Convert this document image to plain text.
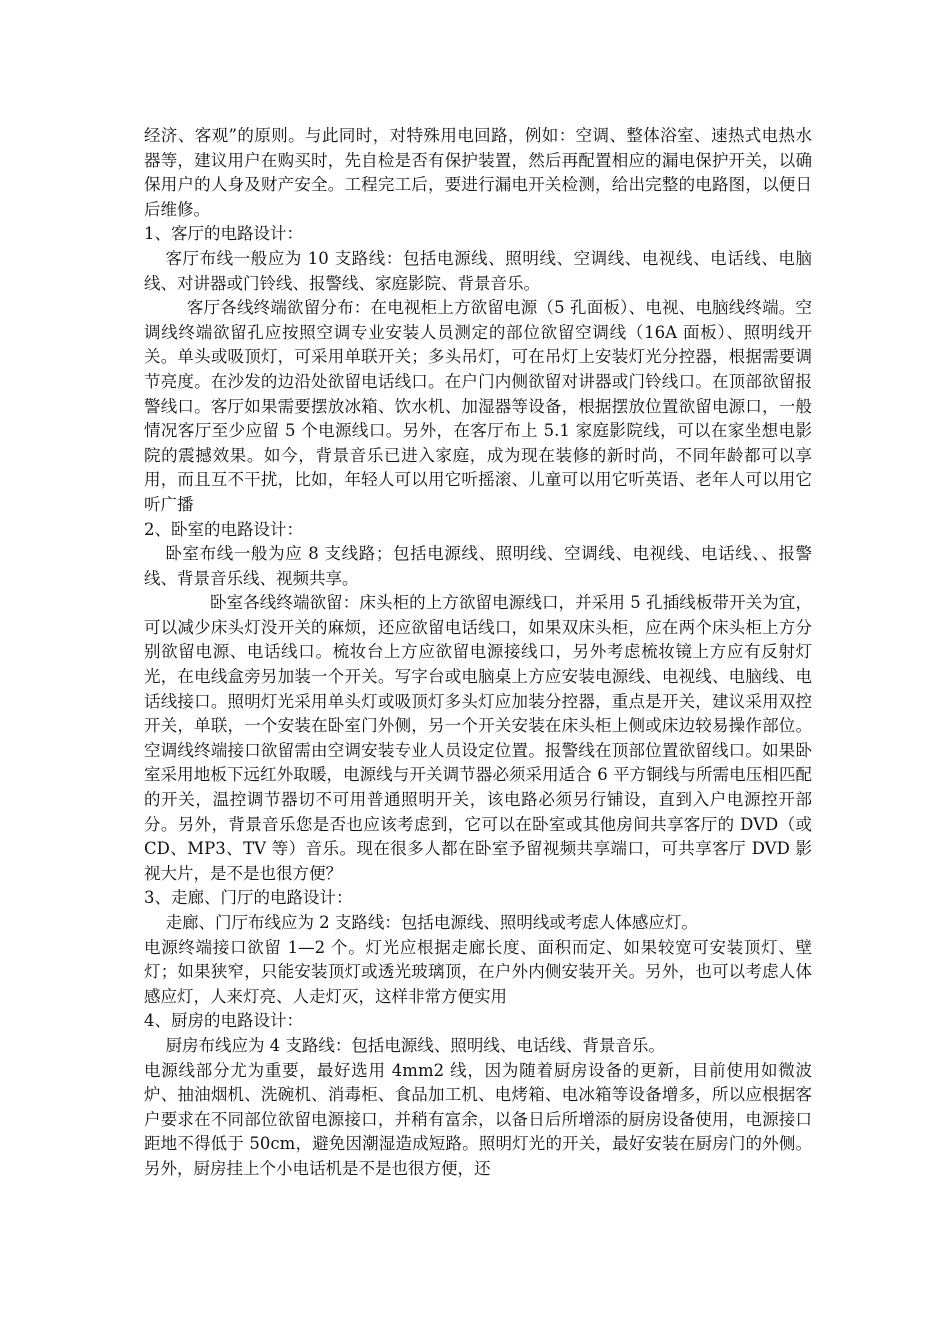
经济、客观”的原则。与此同时，对特殊用电回路，例如：空调、整体浴室、速热式电热水器等，建议用户在购买时，先自检是否有保护装置，然后再配置相应的漏电保护开关，以确保用户的人身及财产安全。工程完工后，要进行漏电开关检测，给出完整的电路图，以便日后维修。

1、客厅的电路设计：

客厅布线一般应为 10 支路线：包括电源线、照明线、空调线、电视线、电话线、电脑线、对讲器或门铃线、报警线、家庭影院、背景音乐。

客厅各线终端欲留分布：在电视柜上方欲留电源（5 孔面板）、电视、电脑线终端。空调线终端欲留孔应按照空调专业安装人员测定的部位欲留空调线（16A 面板）、照明线开关。单头或吸顶灯，可采用单联开关；多头吊灯，可在吊灯上安装灯光分控器，根据需要调节亮度。在沙发的边沿处欲留电话线口。在户门内侧欲留对讲器或门铃线口。在顶部欲留报警线口。客厅如果需要摆放冰箱、饮水机、加湿器等设备，根据摆放位置欲留电源口，一般情况客厅至少应留 5 个电源线口。另外，在客厅布上 5.1 家庭影院线，可以在家坐想电影院的震撼效果。如今，背景音乐已进入家庭，成为现在装修的新时尚，不同年龄都可以享用，而且互不干扰，比如，年轻人可以用它听摇滚、儿童可以用它听英语、老年人可以用它听广播

2、卧室的电路设计：

卧室布线一般为应 8 支线路；包括电源线、照明线、空调线、电视线、电话线、、报警线、背景音乐线、视频共享。

卧室各线终端欲留：床头柜的上方欲留电源线口，并采用 5 孔插线板带开关为宜，可以减少床头灯没开关的麻烦，还应欲留电话线口，如果双床头柜，应在两个床头柜上方分别欲留电源、电话线口。梳妆台上方应欲留电源接线口，另外考虑梳妆镜上方应有反射灯光，在电线盒旁另加装一个开关。写字台或电脑桌上方应安装电源线、电视线、电脑线、电话线接口。照明灯光采用单头灯或吸顶灯多头灯应加装分控器，重点是开关，建议采用双控开关，单联，一个安装在卧室门外侧，另一个开关安装在床头柜上侧或床边较易操作部位。空调线终端接口欲留需由空调安装专业人员设定位置。报警线在顶部位置欲留线口。如果卧室采用地板下远红外取暖，电源线与开关调节器必须采用适合 6 平方铜线与所需电压相匹配的开关，温控调节器切不可用普通照明开关，该电路必须另行铺设，直到入户电源控开部分。另外，背景音乐您是否也应该考虑到，它可以在卧室或其他房间共享客厅的 DVD（或 CD、MP3、TV 等）音乐。现在很多人都在卧室予留视频共享端口，可共享客厅 DVD 影视大片，是不是也很方便？

3、走廊、门厅的电路设计：

走廊、门厅布线应为 2 支路线：包括电源线、照明线或考虑人体感应灯。

电源终端接口欲留 1—2 个。灯光应根据走廊长度、面积而定、如果较宽可安装顶灯、壁灯；如果狭窄，只能安装顶灯或透光玻璃顶，在户外内侧安装开关。另外，也可以考虑人体感应灯，人来灯亮、人走灯灭，这样非常方便实用

4、厨房的电路设计：

厨房布线应为 4 支路线：包括电源线、照明线、电话线、背景音乐。

电源线部分尤为重要，最好选用 4mm2 线，因为随着厨房设备的更新，目前使用如微波炉、抽油烟机、洗碗机、消毒柜、食品加工机、电烤箱、电冰箱等设备增多，所以应根据客户要求在不同部位欲留电源接口，并稍有富余，以备日后所增添的厨房设备使用，电源接口距地不得低于 50cm，避免因潮湿造成短路。照明灯光的开关，最好安装在厨房门的外侧。另外，厨房挂上个小电话机是不是也很方便，还
